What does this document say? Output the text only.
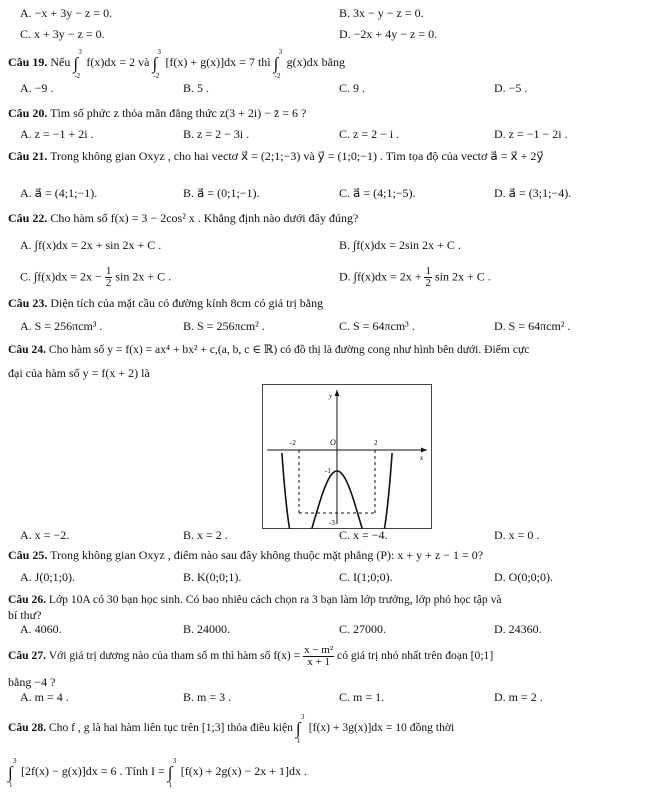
A. −x + 3y − z = 0.	B. 3x − y − z = 0.
C. x + 3y − z = 0.	D. −2x + 4y − z = 0.
Câu 19. Nếu ∫
3
-2
f(x)dx = 2 và ∫
3
-2
[f(x) + g(x)]dx = 7 thì ∫
3
-2
g(x)dx bằng
A. −9 .	B. 5 .	C. 9 .	D. −5 .
Câu 20. Tìm số phức z thỏa mãn đẳng thức z(3 + 2i) − z̄ = 6 ?
A. z = −1 + 2i .	B. z = 2 − 3i .	C. z = 2 − i .	D. z = −1 − 2i .
Câu 21. Trong không gian Oxyz , cho hai vectơ x⃗ = (2;1;−3) và y⃗ = (1;0;−1) . Tìm tọa độ của vectơ a⃗ = x⃗ + 2y⃗
A. a⃗ = (4;1;−1).	B. a⃗ = (0;1;−1).	C. a⃗ = (4;1;−5).	D. a⃗ = (3;1;−4).
Câu 22. Cho hàm số f(x) = 3 − 2cos² x . Khẳng định nào dưới đây đúng?
A. ∫f(x)dx = 2x + sin 2x + C .	B. ∫f(x)dx = 2sin 2x + C .
C. $\int f(x)dx = 2x - \frac{1}{2}$ sin 2x + C .	D. $\int f(x)dx = 2x + \frac{1}{2}$ sin 2x + C .
Câu 23. Diện tích của mặt cầu có đường kính 8cm có giá trị bằng
A. S = 256πcm³ .	B. S = 256πcm² .	C. S = 64πcm³ .	D. S = 64πcm² .
Câu 24. Cho hàm số y = f(x) = ax⁴ + bx² + c,(a, b, c ∈ ℝ) có đồ thị là đường cong như hình bên dưới. Điểm cực
đại của hàm số y = f(x + 2) là
y
x
O
-2	2
-1
-3
A. x = −2.	B. x = 2 .	C. x = −4.	D. x = 0 .
Câu 25. Trong không gian Oxyz , điểm nào sau đây không thuộc mặt phẳng (P): x + y + z − 1 = 0?
A. J(0;1;0).	B. K(0;0;1).	C. I(1;0;0).	D. O(0;0;0).
Câu 26. Lớp 10A có 30 bạn học sinh. Có bao nhiêu cách chọn ra 3 bạn làm lớp trưởng, lớp phó học tập và
bí thư?
A. 4060.	B. 24000.	C. 27000.	D. 24360.
Câu 27. Với giá trị dương nào của tham số m thì hàm số $f(x) = \frac{\text{x − m²}}{x + 1}$ có giá trị nhỏ nhất trên đoạn [0;1]
bằng −4 ?
A. m = 4 .	B. m = 3 .	C. m = 1.	D. m = 2 .
Câu 28. Cho f , g là hai hàm liên tục trên [1;3] thỏa điều kiện ∫
3
1
[f(x) + 3g(x)]dx = 10 đồng thời
∫
3
1
[2f(x) − g(x)]dx = 6 . Tính I = ∫
3
1
[f(x) + 2g(x) − 2x + 1]dx .
